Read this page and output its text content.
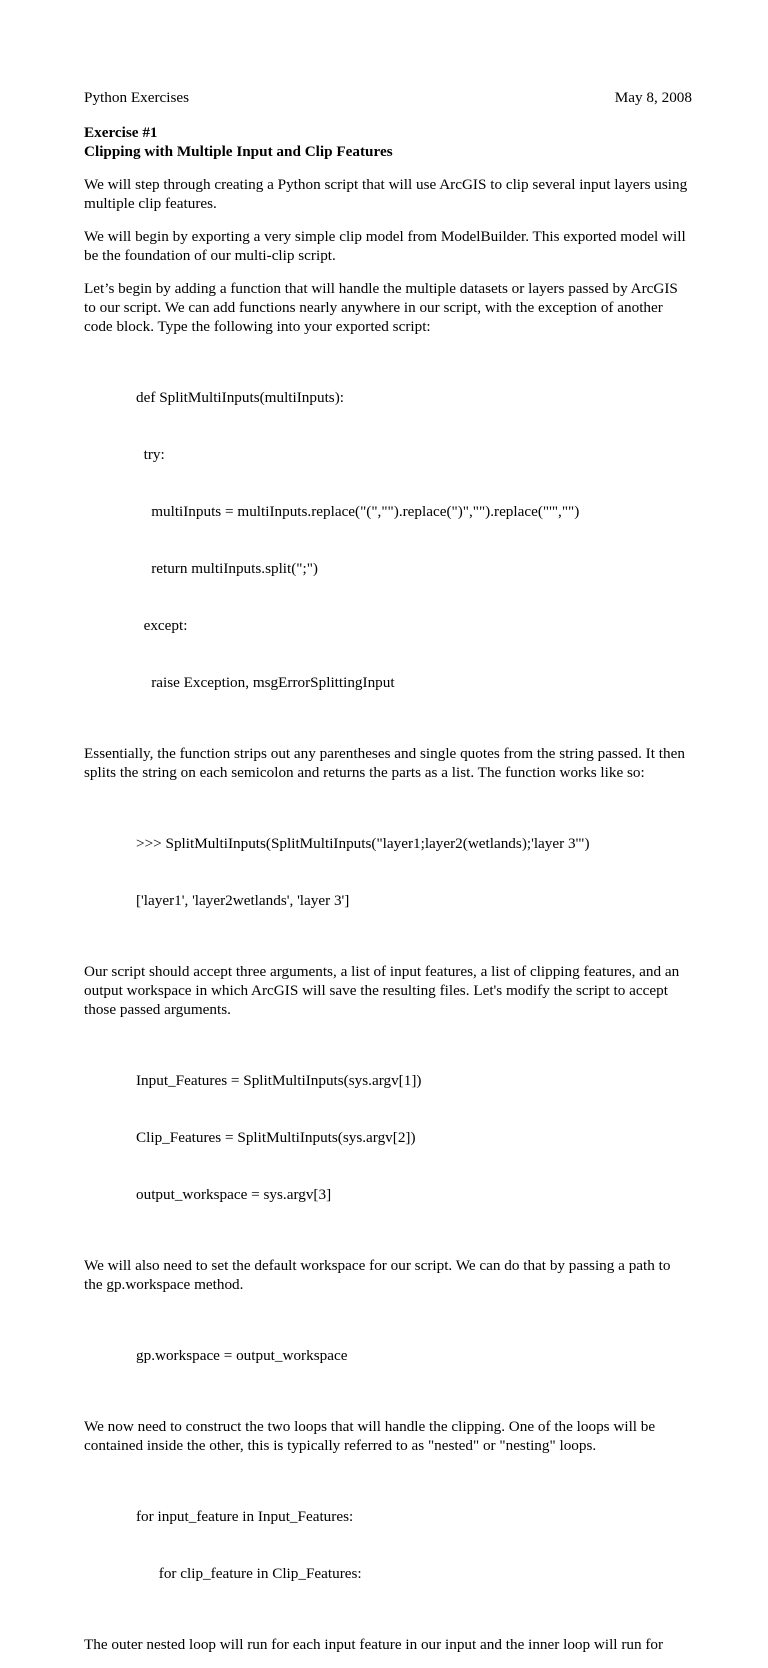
Python Exercises	May 8, 2008
Exercise #1
Clipping with Multiple Input and Clip Features

We will step through creating a Python script that will use ArcGIS to clip several input layers using multiple clip features.

We will begin by exporting a very simple clip model from ModelBuilder. This exported model will be the foundation of our multi-clip script.

Let’s begin by adding a function that will handle the multiple datasets or layers passed by ArcGIS to our script. We can add functions nearly anywhere in our script, with the exception of another code block. Type the following into your exported script:

def SplitMultiInputs(multiInputs):

try:

multiInputs = multiInputs.replace("(","").replace(")","").replace("'","")

return multiInputs.split(";")

except:

raise Exception, msgErrorSplittingInput

Essentially, the function strips out any parentheses and single quotes from the string passed. It then splits the string on each semicolon and returns the parts as a list. The function works like so:

>>> SplitMultiInputs(SplitMultiInputs("layer1;layer2(wetlands);'layer 3'")

['layer1', 'layer2wetlands', 'layer 3']

Our script should accept three arguments, a list of input features, a list of clipping features, and an output workspace in which ArcGIS will save the resulting files. Let's modify the script to accept those passed arguments.

Input_Features = SplitMultiInputs(sys.argv[1])

Clip_Features = SplitMultiInputs(sys.argv[2])

output_workspace = sys.argv[3]

We will also need to set the default workspace for our script. We can do that by passing a path to the gp.workspace method.

gp.workspace = output_workspace

We now need to construct the two loops that will handle the clipping. One of the loops will be contained inside the other, this is typically referred to as "nested" or "nesting" loops.

for input_feature in Input_Features:

for clip_feature in Clip_Features:

The outer nested loop will run for each input feature in our input and the inner loop will run for
